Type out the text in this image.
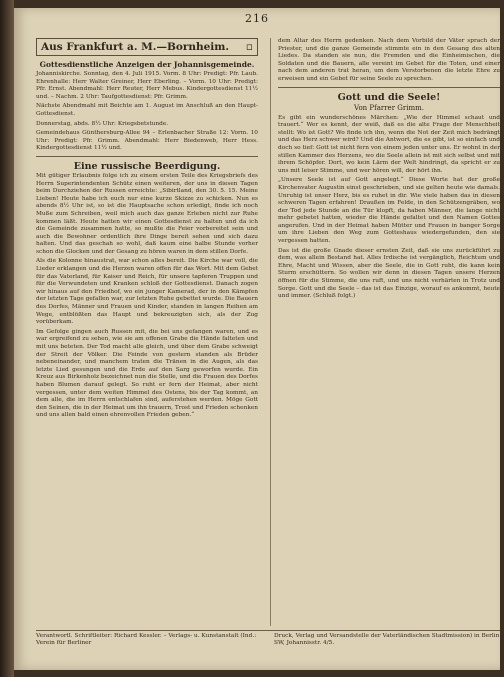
216
Aus Frankfurt a. M.—Bornheim. ▫
Gottesdienstliche Anzeigen der Johannisgemeinde.

Johanniskirche. Sonntag, den 4. Juli 1915. Vorm. 8 Uhr: Predigt: Pfr. Laub. Ehrenhalle: Herr Walter Greiner, Herr Eberling. – Vorm. 10 Uhr: Predigt: Pfr. Ernst. Abendmahl: Herr Reuter, Herr Mebus. Kindergottesdienst 11½ und. – Nachm. 2 Uhr: Taufgottesdienst: Pfr. Grimm.

Nächste Abendmahl mit Beichte am 1. August im Anschluß an den Haupt-Gottesdienst.

Donnerstag, abds. 8½ Uhr: Kriegsbetstunde.

Gemeindehaus Günthersburg-Allee 94 – Erlenbacher Straße 12: Vorm. 10 Uhr: Predigt: Pfr. Grimm. Abendmahl: Herr Biedenweb, Herr Hess. Kindergottesdienst 11½ und.

Eine russische Beerdigung.

Mit gütiger Erlaubnis folge ich zu einem ersten Teile des Kriegsbriefs des Herrn Superintendenten Schütz einen weiteren, der uns in diesen Tagen beim Durchziehen der Russen erreichte: „Sibirtland, den 30. 5. 15. Meine Lieben! Heute habe ich euch nur eine kurze Skizze zu schicken. Nun es abends 8½ Uhr ist, so ist die Hauptsache schon erledigt, finde ich noch Muße zum Schreiben, weil mich auch das ganze Erleben nicht zur Ruhe kommen läßt. Heute hatten wir einen Gottesdienst zu halten und da ich die Gemeinde zusammen hatte, so mußte die Feier vorbereitet sein und auch die Bewohner ordentlich ihre Dinge bereit sehen und sich dazu halten. Und das geschah so wohl, daß kaum eine halbe Stunde vorher schon die Glocken und der Gesang zu hören waren in dem stillen Dorfe.

Als die Kolonne hinaustrat, war schon alles bereit. Die Kirche war voll, die Lieder erklangen und die Herzen waren offen für das Wort. Mit dem Gebet für das Vaterland, für Kaiser und Reich, für unsere tapferen Truppen und für die Verwundeten und Kranken schloß der Gottesdienst. Danach zogen wir hinaus auf den Friedhof, wo ein junger Kamerad, der in den Kämpfen der letzten Tage gefallen war, zur letzten Ruhe gebettet wurde. Die Bauern des Dorfes, Männer und Frauen und Kinder, standen in langen Reihen am Wege, entblößten das Haupt und bekreuzigten sich, als der Zug vorüberkam.

Im Gefolge gingen auch Russen mit, die bei uns gefangen waren, und es war ergreifend zu sehen, wie sie am offenen Grabe die Hände falteten und mit uns beteten. Der Tod macht alle gleich, und über dem Grabe schweigt der Streit der Völker. Die Feinde von gestern standen als Brüder nebeneinander, und manchem traten die Tränen in die Augen, als das letzte Lied gesungen und die Erde auf den Sarg geworfen wurde. Ein Kreuz aus Birkenholz bezeichnet nun die Stelle, und die Frauen des Dorfes haben Blumen darauf gelegt. So ruht er fern der Heimat, aber nicht vergessen, unter dem weiten Himmel des Ostens, bis der Tag kommt, an dem alle, die im Herrn entschlafen sind, auferstehen werden. Möge Gott den Seinen, die in der Heimat um ihn trauern, Trost und Frieden schenken und uns allen bald einen ehrenvollen Frieden geben.“

dem Altar des Herrn gedenken. Nach dem Vorbild der Väter sprach der Priester, und die ganze Gemeinde stimmte ein in den Gesang des alten Liedes. Da standen sie nun, die Fremden und die Einheimischen, die Soldaten und die Bauern, alle vereint im Gebet für die Toten, und einer nach dem anderen trat heran, um dem Verstorbenen die letzte Ehre zu erweisen und ein Gebet für seine Seele zu sprechen.

Gott und die Seele!
Von Pfarrer Grimm.

Es gibt ein wunderschönes Märchen: „Wie der Himmel schaut und trauert.“ Wer es kennt, der weiß, daß es die alte Frage der Menschheit stellt: Wo ist Gott? Wo finde ich ihn, wenn die Not der Zeit mich bedrängt und das Herz schwer wird? Und die Antwort, die es gibt, ist so einfach und doch so tief: Gott ist nicht fern von einem jeden unter uns. Er wohnt in der stillen Kammer des Herzens, wo die Seele allein ist mit sich selbst und mit ihrem Schöpfer. Dort, wo kein Lärm der Welt hindringt, da spricht er zu uns mit leiser Stimme, und wer hören will, der hört ihn.

„Unsere Seele ist auf Gott angelegt.“ Diese Worte hat der große Kirchenvater Augustin einst geschrieben, und sie gelten heute wie damals. Unruhig ist unser Herz, bis es ruhet in dir. Wie viele haben das in diesen schweren Tagen erfahren! Draußen im Felde, in den Schützengräben, wo der Tod jede Stunde an die Tür klopft, da haben Männer, die lange nicht mehr gebetet hatten, wieder die Hände gefaltet und den Namen Gottes angerufen. Und in der Heimat haben Mütter und Frauen in banger Sorge um ihre Lieben den Weg zum Gotteshaus wiedergefunden, den sie vergessen hatten.

Das ist die große Gnade dieser ernsten Zeit, daß sie uns zurückführt zu dem, was allein Bestand hat. Alles Irdische ist vergänglich, Reichtum und Ehre, Macht und Wissen, aber die Seele, die in Gott ruht, die kann kein Sturm erschüttern. So wollen wir denn in diesen Tagen unsere Herzen öffnen für die Stimme, die uns ruft, und uns nicht verhärten in Trotz und Sorge. Gott und die Seele – das ist das Einzige, worauf es ankommt, heute und immer. (Schluß folgt.)

Verantwortl. Schriftleiter: Richard Kessler. – Verlags- u. Kunstanstalt (Ind.: Verein für Berliner

Druck, Verlag und Versandstelle der Vaterländischen Stadtmission) in Berlin SW, Johannisstr. 4/5.
